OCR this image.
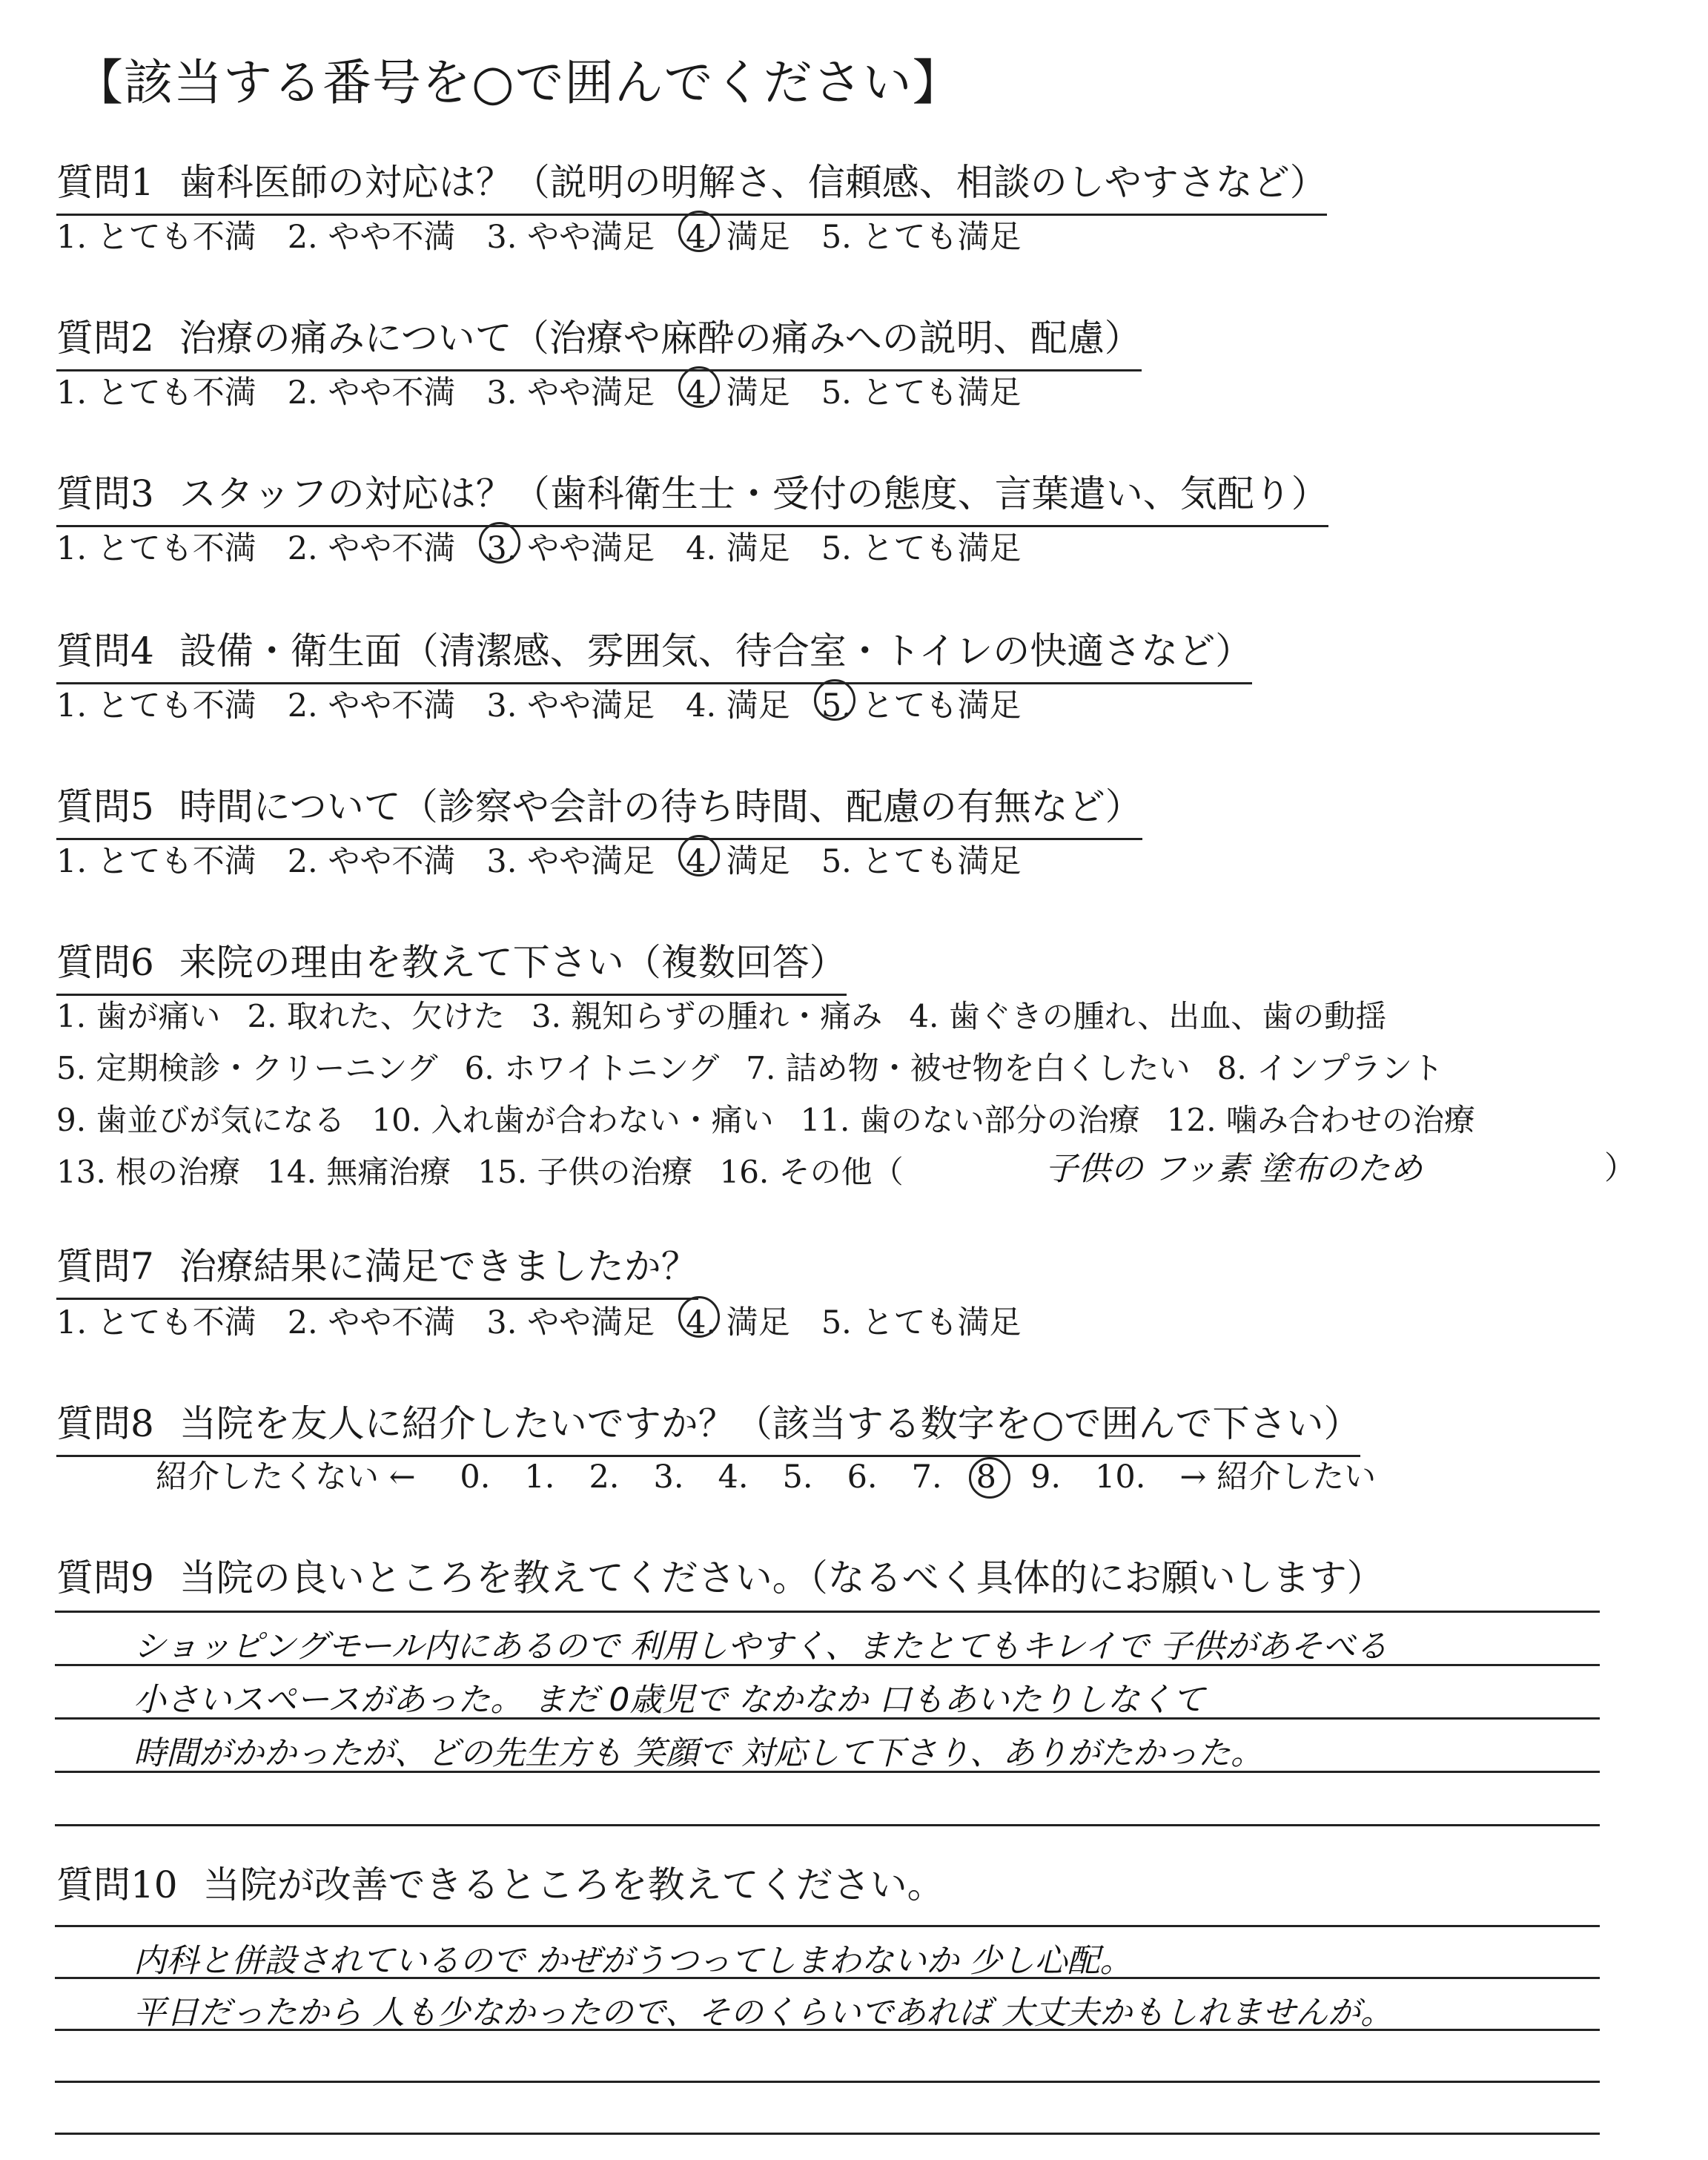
【該当する番号を○で囲んでください】
質問1 歯科医師の対応は？（説明の明解さ、信頼感、相談のしやすさなど）
1. とても不満 2. やや不満 3. やや満足 4. 満足 5. とても満足
質問2 治療の痛みについて（治療や麻酔の痛みへの説明、配慮）
1. とても不満 2. やや不満 3. やや満足 4. 満足 5. とても満足
質問3 スタッフの対応は？（歯科衛生士・受付の態度、言葉遣い、気配り）
1. とても不満 2. やや不満 3. やや満足 4. 満足 5. とても満足
質問4 設備・衛生面（清潔感、雰囲気、待合室・トイレの快適さなど）
1. とても不満 2. やや不満 3. やや満足 4. 満足 5. とても満足
質問5 時間について（診察や会計の待ち時間、配慮の有無など）
1. とても不満 2. やや不満 3. やや満足 4. 満足 5. とても満足
質問6 来院の理由を教えて下さい（複数回答）
1. 歯が痛い 2. 取れた、欠けた 3. 親知らずの腫れ・痛み 4. 歯ぐきの腫れ、出血、歯の動揺
5. 定期検診・クリーニング 6. ホワイトニング 7. 詰め物・被せ物を白くしたい 8. インプラント
9. 歯並びが気になる 10. 入れ歯が合わない・痛い 11. 歯のない部分の治療 12. 噛み合わせの治療
13. 根の治療 14. 無痛治療 15. 子供の治療 16. その他（	子供の フッ素 塗布のため	）
質問7 治療結果に満足できましたか？
1. とても不満 2. やや不満 3. やや満足 4. 満足 5. とても満足
質問8 当院を友人に紹介したいですか？（該当する数字を○で囲んで下さい）
紹介したくない ← 0. 1. 2. 3. 4. 5. 6. 7. 8 9. 10. → 紹介したい
質問9 当院の良いところを教えてください。（なるべく具体的にお願いします）
ショッピングモール内にあるので 利用しやすく、またとてもキレイで 子供があそべる
小さいスペースがあった。 まだ 0歳児で なかなか 口もあいたりしなくて
時間がかかったが、どの先生方も 笑顔で 対応して下さり、ありがたかった。
質問10 当院が改善できるところを教えてください。
内科と併設されているので かぜがうつってしまわないか 少し心配。
平日だったから 人も少なかったので、そのくらいであれば 大丈夫かもしれませんが。
